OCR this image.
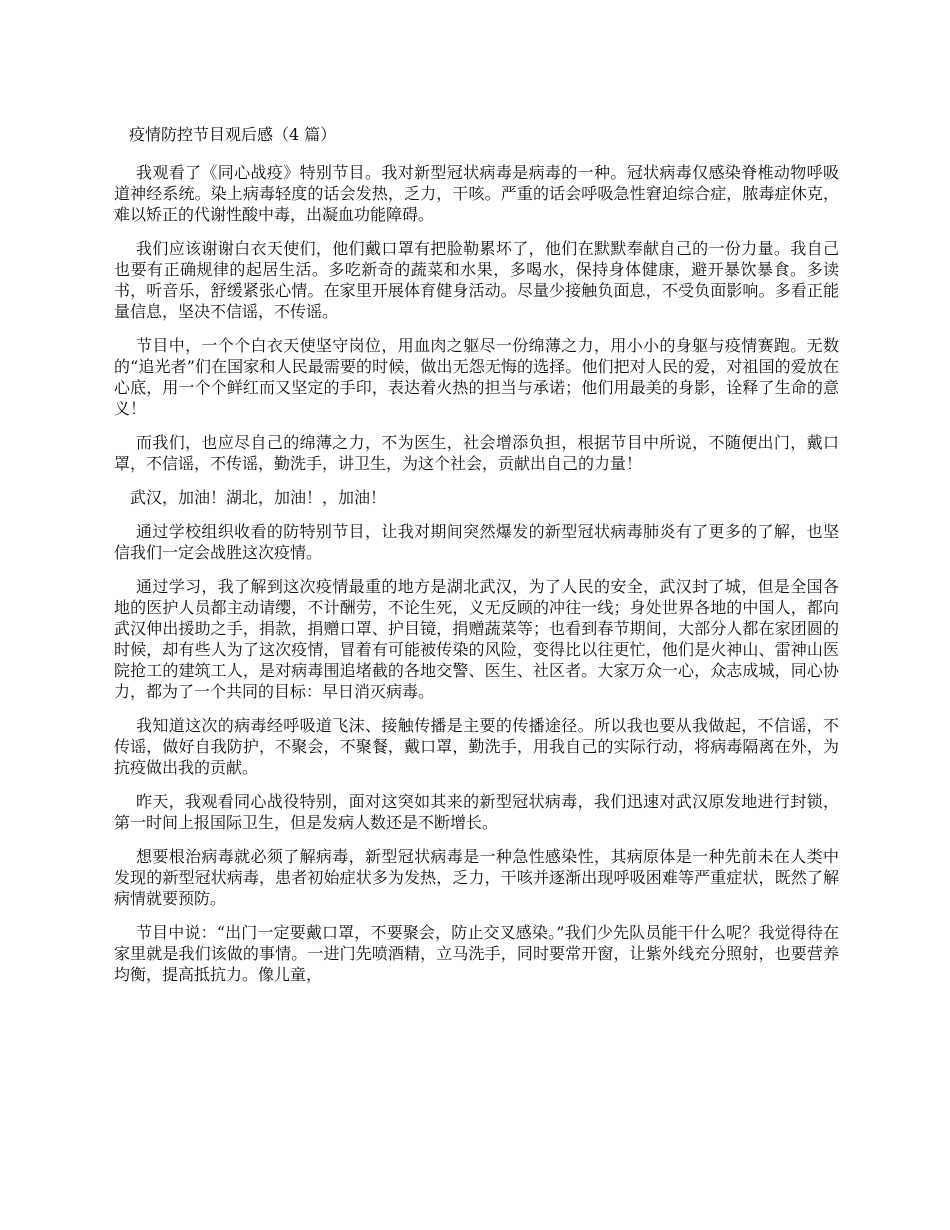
疫情防控节目观后感（4 篇）

我观看了《同心战疫》特别节目。我对新型冠状病毒是病毒的一种。冠状病毒仅感染脊椎动物呼吸道神经系统。染上病毒轻度的话会发热，乏力，干咳。严重的话会呼吸急性窘迫综合症，脓毒症休克，难以矫正的代谢性酸中毒，出凝血功能障碍。

我们应该谢谢白衣天使们，他们戴口罩有把脸勒累坏了，他们在默默奉献自己的一份力量。我自己也要有正确规律的起居生活。多吃新奇的蔬菜和水果，多喝水，保持身体健康，避开暴饮暴食。多读书，听音乐，舒缓紧张心情。在家里开展体育健身活动。尽量少接触负面息，不受负面影响。多看正能量信息，坚决不信谣，不传谣。

节目中，一个个白衣天使坚守岗位，用血肉之躯尽一份绵薄之力，用小小的身躯与疫情赛跑。无数的“追光者”们在国家和人民最需要的时候，做出无怨无悔的选择。他们把对人民的爱，对祖国的爱放在心底，用一个个鲜红而又坚定的手印，表达着火热的担当与承诺；他们用最美的身影，诠释了生命的意义！

而我们，也应尽自己的绵薄之力，不为医生，社会增添负担，根据节目中所说，不随便出门，戴口罩，不信谣，不传谣，勤洗手，讲卫生，为这个社会，贡献出自己的力量！

武汉，加油！湖北，加油！，加油！

通过学校组织收看的防特别节目，让我对期间突然爆发的新型冠状病毒肺炎有了更多的了解，也坚信我们一定会战胜这次疫情。

通过学习，我了解到这次疫情最重的地方是湖北武汉，为了人民的安全，武汉封了城，但是全国各地的医护人员都主动请缨，不计酬劳，不论生死，义无反顾的冲往一线；身处世界各地的中国人，都向武汉伸出援助之手，捐款，捐赠口罩、护目镜，捐赠蔬菜等；也看到春节期间，大部分人都在家团圆的时候，却有些人为了这次疫情，冒着有可能被传染的风险，变得比以往更忙，他们是火神山、雷神山医院抢工的建筑工人，是对病毒围追堵截的各地交警、医生、社区者。大家万众一心，众志成城，同心协力，都为了一个共同的目标：早日消灭病毒。

我知道这次的病毒经呼吸道飞沫、接触传播是主要的传播途径。所以我也要从我做起，不信谣，不传谣，做好自我防护，不聚会，不聚餐，戴口罩，勤洗手，用我自己的实际行动，将病毒隔离在外，为抗疫做出我的贡献。

昨天，我观看同心战役特别，面对这突如其来的新型冠状病毒，我们迅速对武汉原发地进行封锁，第一时间上报国际卫生，但是发病人数还是不断增长。

想要根治病毒就必须了解病毒，新型冠状病毒是一种急性感染性，其病原体是一种先前未在人类中发现的新型冠状病毒，患者初始症状多为发热，乏力，干咳并逐渐出现呼吸困难等严重症状，既然了解病情就要预防。

节目中说：“出门一定要戴口罩，不要聚会，防止交叉感染。”我们少先队员能干什么呢？我觉得待在家里就是我们该做的事情。一进门先喷酒精，立马洗手，同时要常开窗，让紫外线充分照射，也要营养均衡，提高抵抗力。像儿童，
